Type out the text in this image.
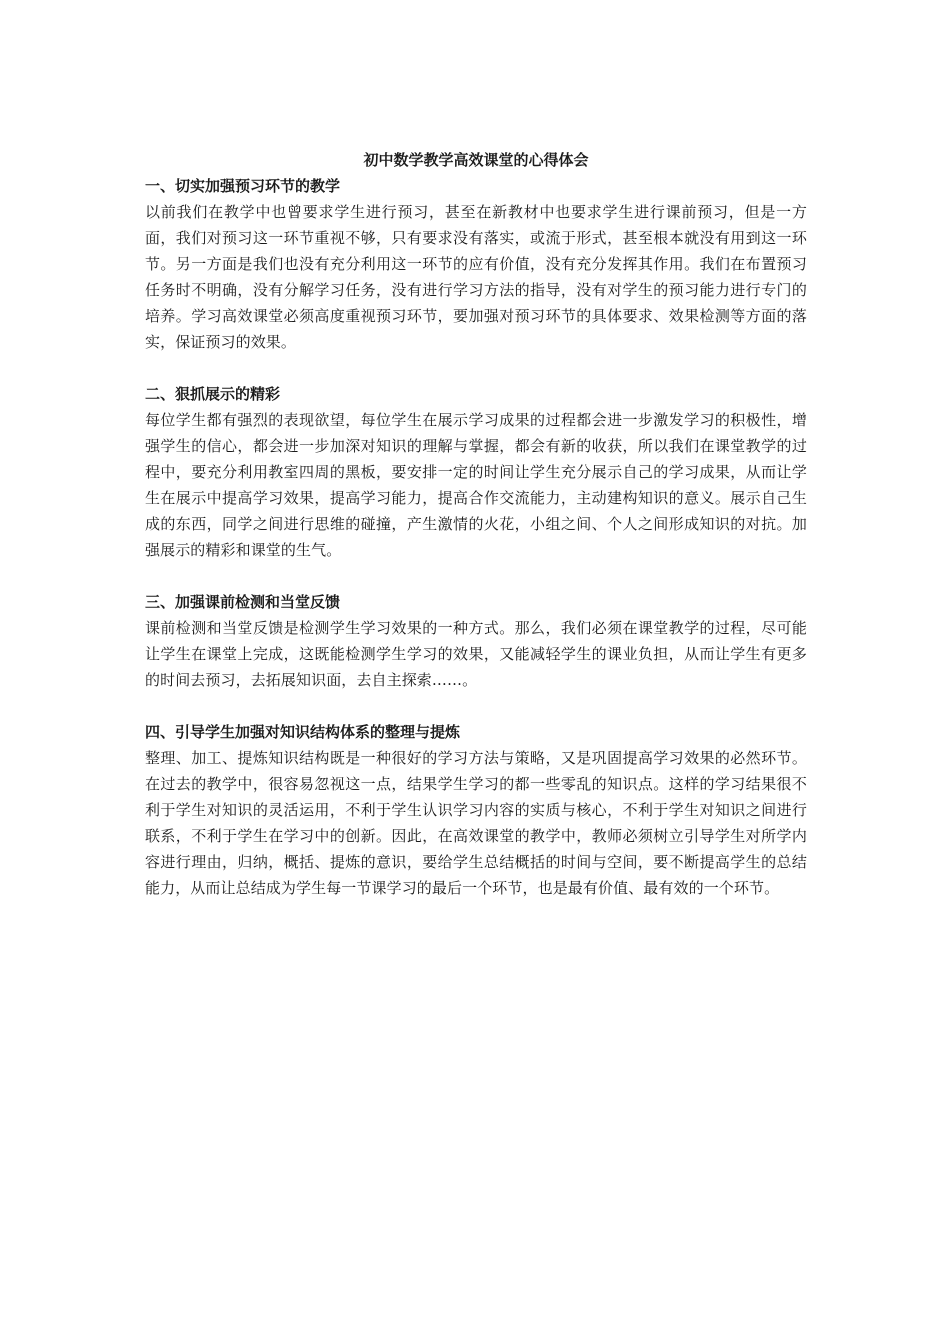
初中数学教学高效课堂的心得体会
一、切实加强预习环节的教学

以前我们在教学中也曾要求学生进行预习，甚至在新教材中也要求学生进行课前预习，但是一方面，我们对预习这一环节重视不够，只有要求没有落实，或流于形式，甚至根本就没有用到这一环节。另一方面是我们也没有充分利用这一环节的应有价值，没有充分发挥其作用。我们在布置预习任务时不明确，没有分解学习任务，没有进行学习方法的指导，没有对学生的预习能力进行专门的培养。学习高效课堂必须高度重视预习环节，要加强对预习环节的具体要求、效果检测等方面的落实，保证预习的效果。

二、狠抓展示的精彩

每位学生都有强烈的表现欲望，每位学生在展示学习成果的过程都会进一步激发学习的积极性，增强学生的信心，都会进一步加深对知识的理解与掌握，都会有新的收获，所以我们在课堂教学的过程中，要充分利用教室四周的黑板，要安排一定的时间让学生充分展示自己的学习成果，从而让学生在展示中提高学习效果，提高学习能力，提高合作交流能力，主动建构知识的意义。展示自己生成的东西，同学之间进行思维的碰撞，产生激情的火花，小组之间、个人之间形成知识的对抗。加强展示的精彩和课堂的生气。

三、加强课前检测和当堂反馈

课前检测和当堂反馈是检测学生学习效果的一种方式。那么，我们必须在课堂教学的过程，尽可能让学生在课堂上完成，这既能检测学生学习的效果，又能减轻学生的课业负担，从而让学生有更多的时间去预习，去拓展知识面，去自主探索……。

四、引导学生加强对知识结构体系的整理与提炼

整理、加工、提炼知识结构既是一种很好的学习方法与策略，又是巩固提高学习效果的必然环节。在过去的教学中，很容易忽视这一点，结果学生学习的都一些零乱的知识点。这样的学习结果很不利于学生对知识的灵活运用，不利于学生认识学习内容的实质与核心，不利于学生对知识之间进行联系，不利于学生在学习中的创新。因此，在高效课堂的教学中，教师必须树立引导学生对所学内容进行理由，归纳，概括、提炼的意识，要给学生总结概括的时间与空间，要不断提高学生的总结能力，从而让总结成为学生每一节课学习的最后一个环节，也是最有价值、最有效的一个环节。
